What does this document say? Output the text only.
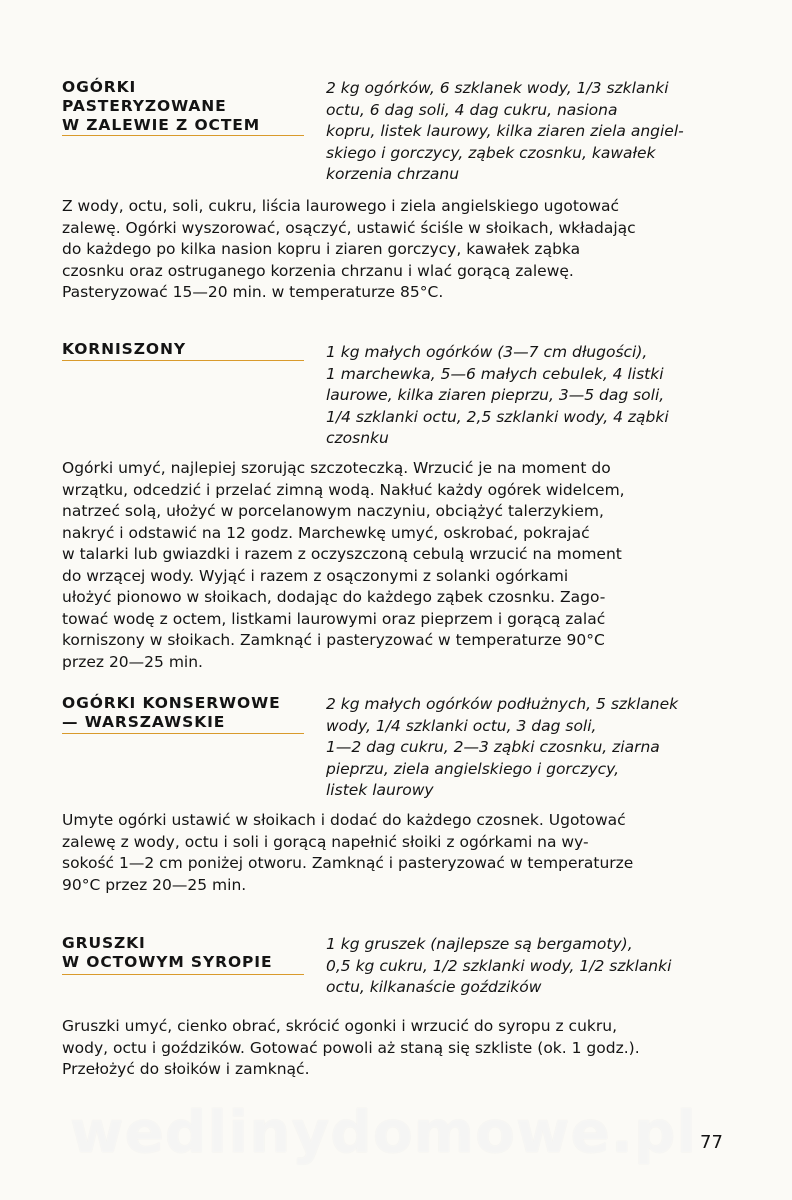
OGÓRKI
PASTERYZOWANE
W ZALEWIE Z OCTEM
2 kg ogórków, 6 szklanek wody, 1/3 szklanki
octu, 6 dag soli, 4 dag cukru, nasiona
kopru, listek laurowy, kilka ziaren ziela angiel-
skiego i gorczycy, ząbek czosnku, kawałek
korzenia chrzanu
Z wody, octu, soli, cukru, liścia laurowego i ziela angielskiego ugotować
zalewę. Ogórki wyszorować, osączyć, ustawić ściśle w słoikach, wkładając
do każdego po kilka nasion kopru i ziaren gorczycy, kawałek ząbka
czosnku oraz ostruganego korzenia chrzanu i wlać gorącą zalewę.
Pasteryzować 15—20 min. w temperaturze 85°C.
KORNISZONY	1 kg małych ogórków (3—7 cm długości),
1 marchewka, 5—6 małych cebulek, 4 listki
laurowe, kilka ziaren pieprzu, 3—5 dag soli,
1/4 szklanki octu, 2,5 szklanki wody, 4 ząbki
czosnku
Ogórki umyć, najlepiej szorując szczoteczką. Wrzucić je na moment do
wrzątku, odcedzić i przelać zimną wodą. Nakłuć każdy ogórek widelcem,
natrzeć solą, ułożyć w porcelanowym naczyniu, obciążyć talerzykiem,
nakryć i odstawić na 12 godz. Marchewkę umyć, oskrobać, pokrajać
w talarki lub gwiazdki i razem z oczyszczoną cebulą wrzucić na moment
do wrzącej wody. Wyjąć i razem z osączonymi z solanki ogórkami
ułożyć pionowo w słoikach, dodając do każdego ząbek czosnku. Zago-
tować wodę z octem, listkami laurowymi oraz pieprzem i gorącą zalać
korniszony w słoikach. Zamknąć i pasteryzować w temperaturze 90°C
przez 20—25 min.
OGÓRKI KONSERWOWE
— WARSZAWSKIE
2 kg małych ogórków podłużnych, 5 szklanek
wody, 1/4 szklanki octu, 3 dag soli,
1—2 dag cukru, 2—3 ząbki czosnku, ziarna
pieprzu, ziela angielskiego i gorczycy,
listek laurowy
Umyte ogórki ustawić w słoikach i dodać do każdego czosnek. Ugotować
zalewę z wody, octu i soli i gorącą napełnić słoiki z ogórkami na wy-
sokość 1—2 cm poniżej otworu. Zamknąć i pasteryzować w temperaturze
90°C przez 20—25 min.
GRUSZKI
W OCTOWYM SYROPIE
1 kg gruszek (najlepsze są bergamoty),
0,5 kg cukru, 1/2 szklanki wody, 1/2 szklanki
octu, kilkanaście goździków
Gruszki umyć, cienko obrać, skrócić ogonki i wrzucić do syropu z cukru,
wody, octu i goździków. Gotować powoli aż staną się szkliste (ok. 1 godz.).
Przełożyć do słoików i zamknąć.
wedlinydomowe.pl 77
